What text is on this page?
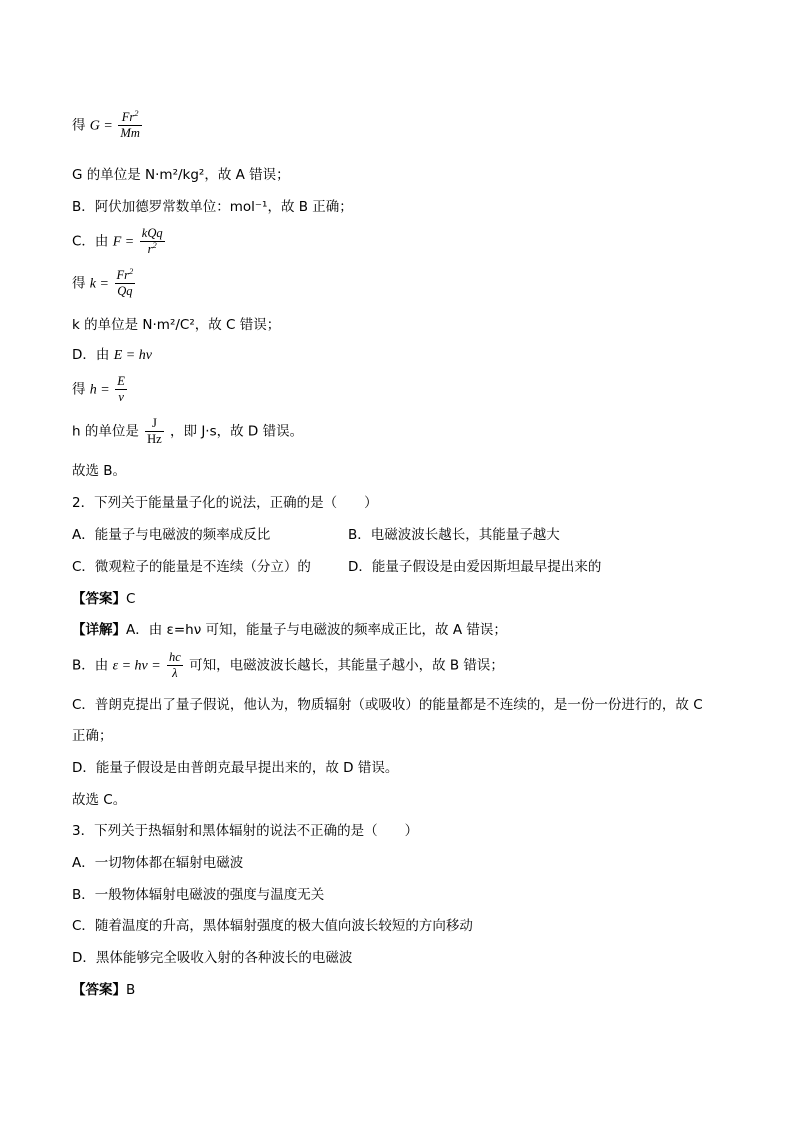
得 $G = \frac{Fr^2}{Mm}$
G 的单位是 N·m²/kg²，故 A 错误；
B．阿伏加德罗常数单位：mol⁻¹，故 B 正确；
C．由 $F = \frac{\text{kQq}}{r^2}$
得 $k = \frac{Fr^2}{Qq}$
k 的单位是 N·m²/C²，故 C 错误；
D．由 E = hν
得 $h = \frac{E}{\nu}$
h 的单位是 $\frac{J}{Hz}$ ，即 J·s，故 D 错误。
故选 B。
2．下列关于能量量子化的说法，正确的是（　　）
A．能量子与电磁波的频率成反比	B．电磁波波长越长，其能量子越大
C．微观粒子的能量是不连续（分立）的	D．能量子假设是由爱因斯坦最早提出来的
【答案】C
【详解】A．由 ε=hν 可知，能量子与电磁波的频率成正比，故 A 错误；
B．由 $\varepsilon = h\nu = \frac{hc}{\lambda}$ 可知，电磁波波长越长，其能量子越小，故 B 错误；
C．普朗克提出了量子假说，他认为，物质辐射（或吸收）的能量都是不连续的，是一份一份进行的，故 C
正确；
D．能量子假设是由普朗克最早提出来的，故 D 错误。
故选 C。
3．下列关于热辐射和黑体辐射的说法不正确的是（　　）
A．一切物体都在辐射电磁波
B．一般物体辐射电磁波的强度与温度无关
C．随着温度的升高，黑体辐射强度的极大值向波长较短的方向移动
D．黑体能够完全吸收入射的各种波长的电磁波
【答案】B
